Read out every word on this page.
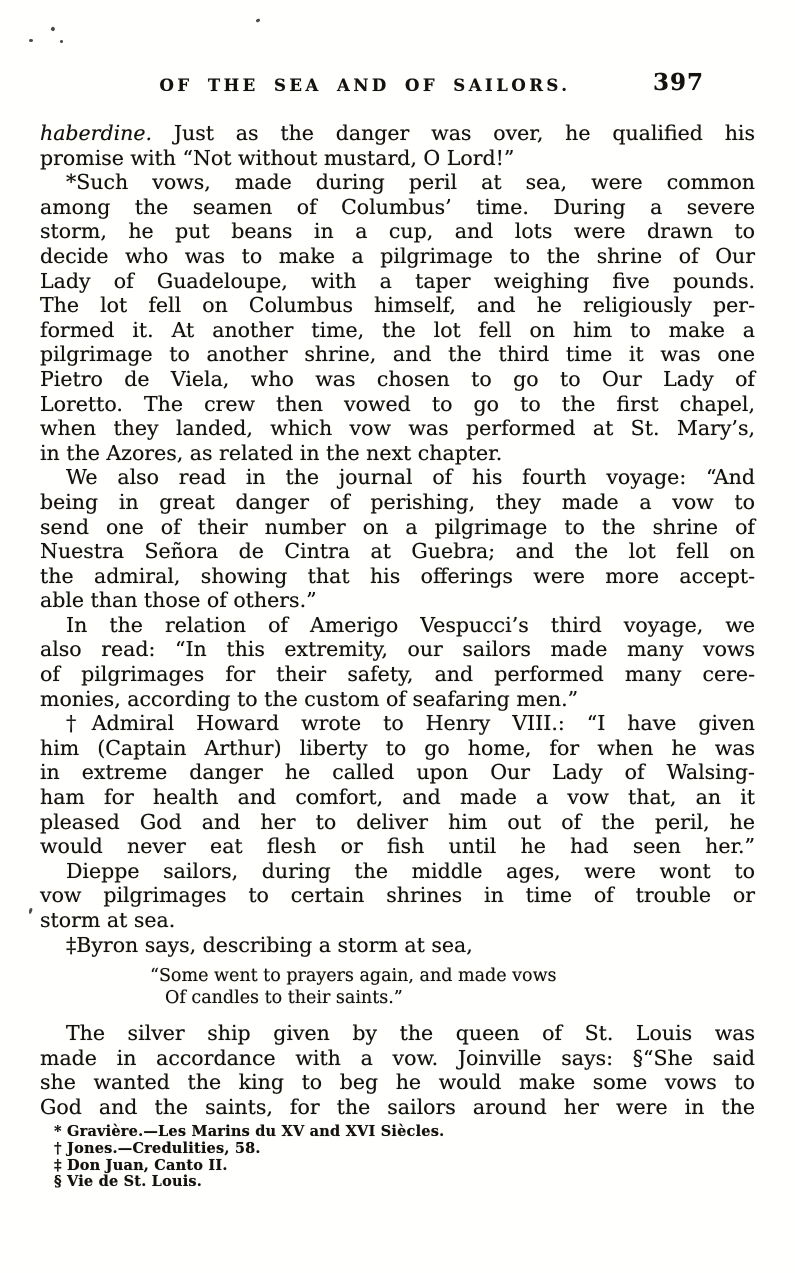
OF THE SEA AND OF SAILORS.	397
haberdine. Just as the danger was over, he qualified his
promise with “Not without mustard, O Lord!”
*Such vows, made during peril at sea, were common
among the seamen of Columbus’ time. During a severe
storm, he put beans in a cup, and lots were drawn to
decide who was to make a pilgrimage to the shrine of Our
Lady of Guadeloupe, with a taper weighing five pounds.
The lot fell on Columbus himself, and he religiously per-
formed it. At another time, the lot fell on him to make a
pilgrimage to another shrine, and the third time it was one
Pietro de Viela, who was chosen to go to Our Lady of
Loretto. The crew then vowed to go to the first chapel,
when they landed, which vow was performed at St. Mary’s,
in the Azores, as related in the next chapter.
We also read in the journal of his fourth voyage: “And
being in great danger of perishing, they made a vow to
send one of their number on a pilgrimage to the shrine of
Nuestra Señora de Cintra at Guebra; and the lot fell on
the admiral, showing that his offerings were more accept-
able than those of others.”
In the relation of Amerigo Vespucci’s third voyage, we
also read: “In this extremity, our sailors made many vows
of pilgrimages for their safety, and performed many cere-
monies, according to the custom of seafaring men.”
†Admiral Howard wrote to Henry VIII.: “I have given
him (Captain Arthur) liberty to go home, for when he was
in extreme danger he called upon Our Lady of Walsing-
ham for health and comfort, and made a vow that, an it
pleased God and her to deliver him out of the peril, he
would never eat flesh or fish until he had seen her.”
Dieppe sailors, during the middle ages, were wont to
vow pilgrimages to certain shrines in time of trouble or
storm at sea.
‡Byron says, describing a storm at sea,
“Some went to prayers again, and made vows
Of candles to their saints.”
The silver ship given by the queen of St. Louis was
made in accordance with a vow. Joinville says: §“She said
she wanted the king to beg he would make some vows to
God and the saints, for the sailors around her were in the
* Gravière.—Les Marins du XV and XVI Siècles.
† Jones.—Credulities, 58.
‡ Don Juan, Canto II.
§ Vie de St. Louis.
